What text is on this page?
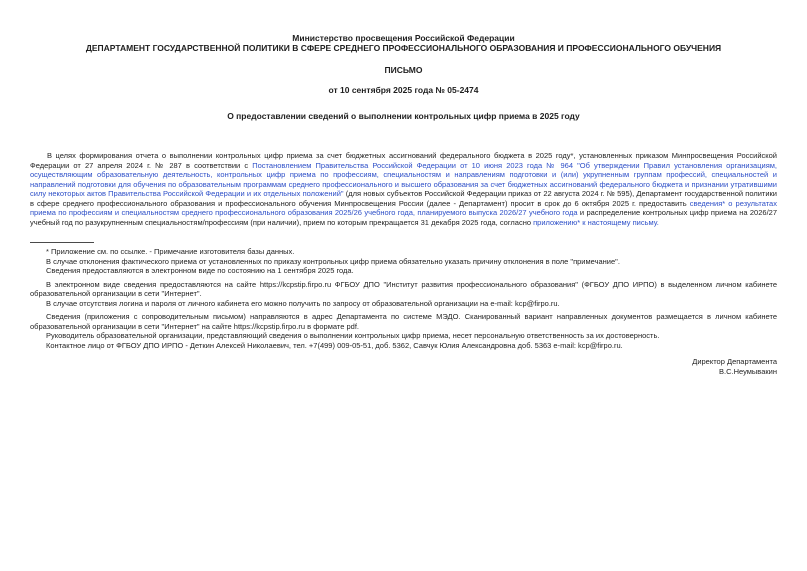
Министерство просвещения Российской Федерации
ДЕПАРТАМЕНТ ГОСУДАРСТВЕННОЙ ПОЛИТИКИ В СФЕРЕ СРЕДНЕГО ПРОФЕССИОНАЛЬНОГО ОБРАЗОВАНИЯ И ПРОФЕССИОНАЛЬНОГО ОБУЧЕНИЯ
ПИСЬМО
от 10 сентября 2025 года № 05-2474
О предоставлении сведений о выполнении контрольных цифр приема в 2025 году

В целях формирования отчета о выполнении контрольных цифр приема за счет бюджетных ассигнований федерального бюджета в 2025 году*, установленных приказом Минпросвещения Российской Федерации от 27 апреля 2024 г. № 287 в соответствии с Постановлением Правительства Российской Федерации от 10 июня 2023 года № 964 "Об утверждении Правил установления организациям, осуществляющим образовательную деятельность, контрольных цифр приема по профессиям, специальностям и направлениям подготовки и (или) укрупненным группам профессий, специальностей и направлений подготовки для обучения по образовательным программам среднего профессионального и высшего образования за счет бюджетных ассигнований федерального бюджета и признании утратившими силу некоторых актов Правительства Российской Федерации и их отдельных положений" (для новых субъектов Российской Федерации приказ от 22 августа 2024 г. № 595), Департамент государственной политики в сфере среднего профессионального образования и профессионального обучения Минпросвещения России (далее - Департамент) просит в срок до 6 октября 2025 г. предоставить сведения* о результатах приема по профессиям и специальностям среднего профессионального образования 2025/26 учебного года, планируемого выпуска 2026/27 учебного года и распределение контрольных цифр приема на 2026/27 учебный год по разукрупненным специальностям/профессиям (при наличии), прием по которым прекращается 31 декабря 2025 года, согласно приложению* к настоящему письму.

* Приложение см. по ссылке. - Примечание изготовителя базы данных.
В случае отклонения фактического приема от установленных по приказу контрольных цифр приема обязательно указать причину отклонения в поле "примечание".
Сведения предоставляются в электронном виде по состоянию на 1 сентября 2025 года.
В электронном виде сведения предоставляются на сайте https://kcpstip.firpo.ru ФГБОУ ДПО "Институт развития профессионального образования" (ФГБОУ ДПО ИРПО) в выделенном личном кабинете образовательной организации в сети "Интернет".
В случае отсутствия логина и пароля от личного кабинета его можно получить по запросу от образовательной организации на e-mail: kcp@firpo.ru.
Сведения (приложения с сопроводительным письмом) направляются в адрес Департамента по системе МЭДО. Сканированный вариант направленных документов размещается в личном кабинете образовательной организации в сети "Интернет" на сайте https://kcpstip.firpo.ru в формате pdf.
Руководитель образовательной организации, представляющий сведения о выполнении контрольных цифр приема, несет персональную ответственность за их достоверность.
Контактное лицо от ФГБОУ ДПО ИРПО - Деткин Алексей Николаевич, тел. +7(499) 009-05-51, доб. 5362, Савчук Юлия Александровна доб. 5363 e-mail: kcp@firpo.ru.
Директор Департамента
В.С.Неумывакин
